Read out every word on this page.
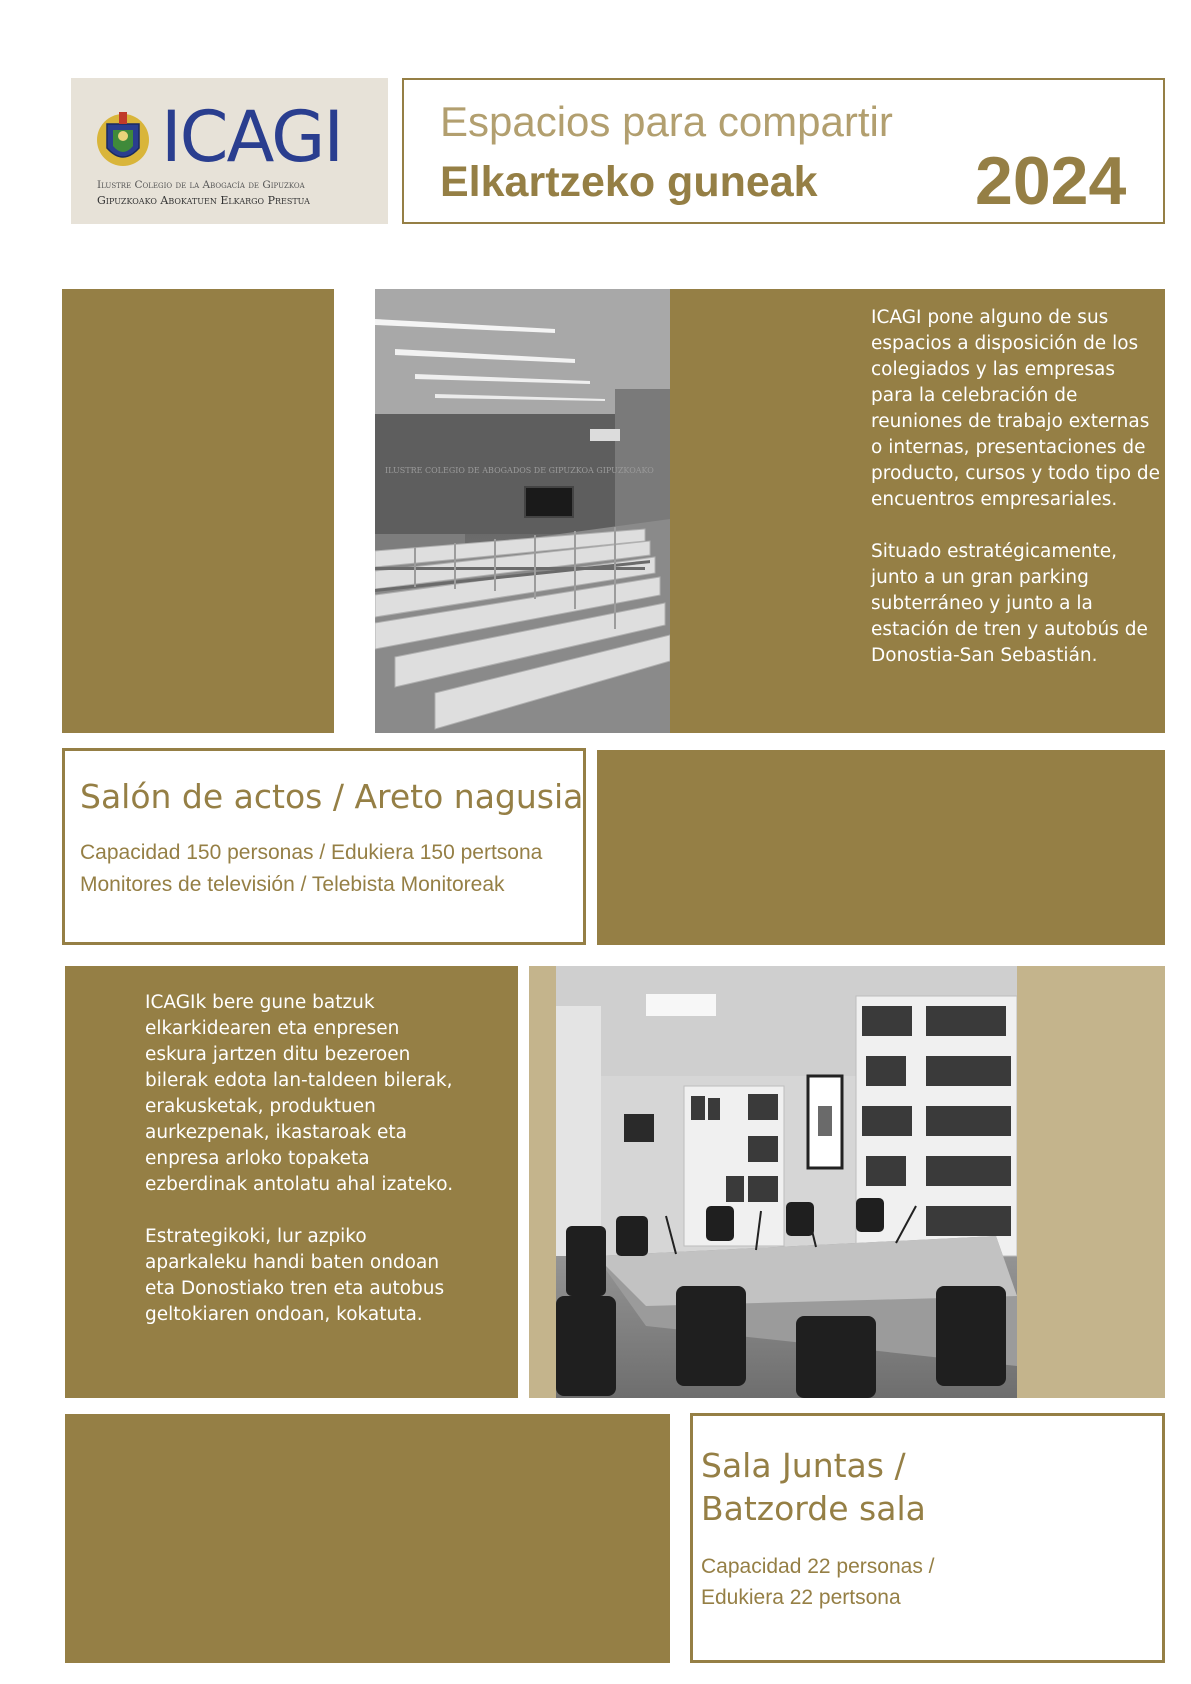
ICAGI
Ilustre Colegio de la Abogacía de Gipuzkoa
Gipuzkoako Abokatuen Elkargo Prestua
Espacios para compartir
Elkartzeko guneak 2024

ICAGI pone alguno de sus espacios a disposición de los colegiados y las empresas para la celebración de reuniones de trabajo externas o internas, presentaciones de producto, cursos y todo tipo de encuentros empresariales.

Situado estratégicamente, junto a un gran parking subterráneo y junto a la estación de tren y autobús de Donostia-San Sebastián.

ILUSTRE COLEGIO DE ABOGADOS DE GIPUZKOA GIPUZKOAKO
Salón de actos / Areto nagusia
Capacidad 150 personas / Edukiera 150 pertsona
Monitores de televisión / Telebista Monitoreak

ICAGIk bere gune batzuk elkarkidearen eta enpresen eskura jartzen ditu bezeroen bilerak edota lan-taldeen bilerak, erakusketak, produktuen aurkezpenak, ikastaroak eta enpresa arloko topaketa ezberdinak antolatu ahal izateko.

Estrategikoki, lur azpiko aparkaleku handi baten ondoan eta Donostiako tren eta autobus geltokiaren ondoan, kokatuta.

Sala Juntas /
Batzorde sala
Capacidad 22 personas /
Edukiera 22 pertsona
